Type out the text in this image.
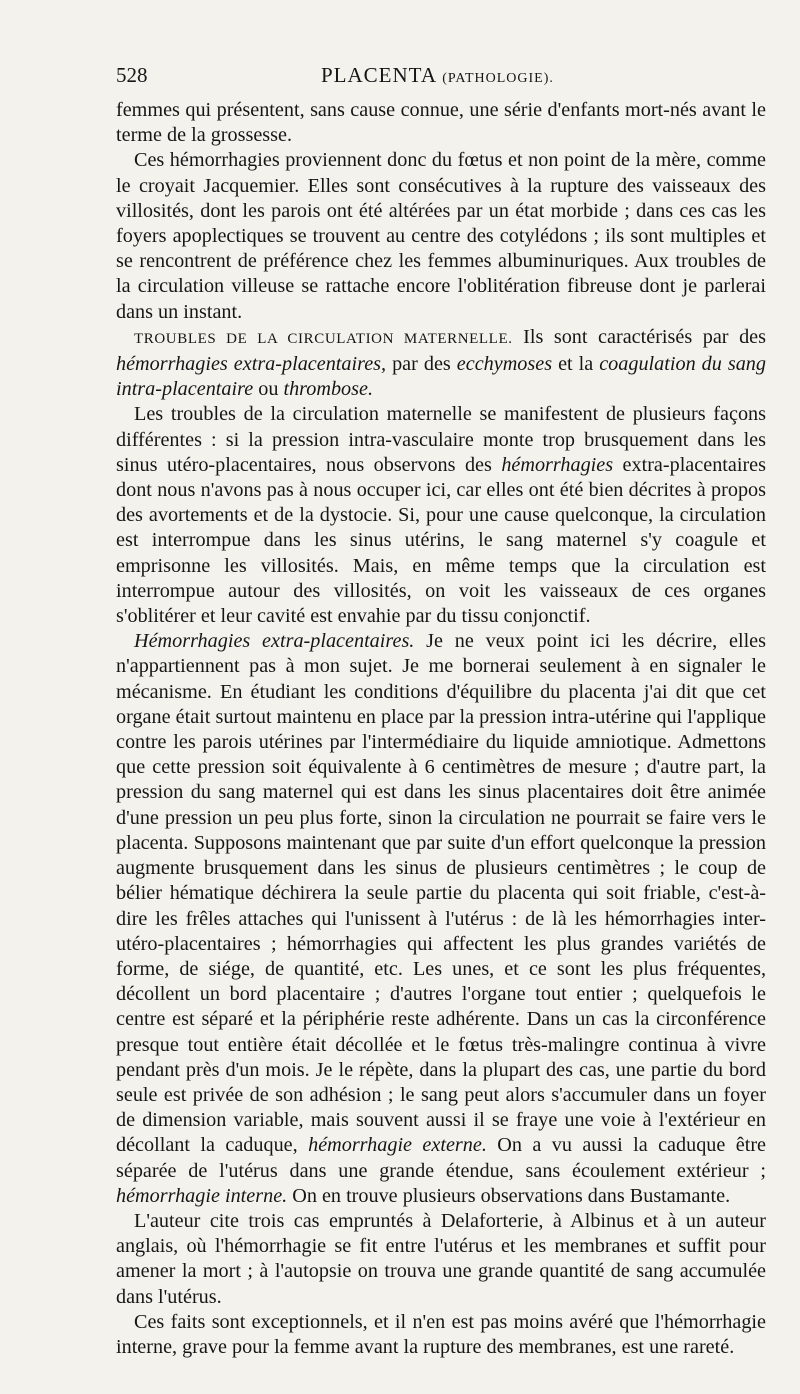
528	PLACENTA
(PATHOLOGIE).

femmes qui présentent, sans cause connue, une série d'enfants mort-nés avant le terme de la grossesse.

Ces hémorrhagies proviennent donc du fœtus et non point de la mère, comme le croyait Jacquemier. Elles sont consécutives à la rupture des vaisseaux des villosités, dont les parois ont été altérées par un état morbide ; dans ces cas les foyers apoplectiques se trouvent au centre des cotylédons ; ils sont multiples et se rencontrent de préférence chez les femmes albuminuriques. Aux troubles de la circulation villeuse se rattache encore l'oblitération fibreuse dont je parlerai dans un instant.

TROUBLES DE LA CIRCULATION MATERNELLE. Ils sont caractérisés par des hémorrhagies extra-placentaires, par des ecchymoses et la coagulation du sang intra-placentaire ou thrombose.

Les troubles de la circulation maternelle se manifestent de plusieurs façons différentes : si la pression intra-vasculaire monte trop brusquement dans les sinus utéro-placentaires, nous observons des hémorrhagies extra-placentaires dont nous n'avons pas à nous occuper ici, car elles ont été bien décrites à propos des avortements et de la dystocie. Si, pour une cause quelconque, la circulation est interrompue dans les sinus utérins, le sang maternel s'y coagule et emprisonne les villosités. Mais, en même temps que la circulation est interrompue autour des villosités, on voit les vaisseaux de ces organes s'oblitérer et leur cavité est envahie par du tissu conjonctif.

Hémorrhagies extra-placentaires. Je ne veux point ici les décrire, elles n'appartiennent pas à mon sujet. Je me bornerai seulement à en signaler le mécanisme. En étudiant les conditions d'équilibre du placenta j'ai dit que cet organe était surtout maintenu en place par la pression intra-utérine qui l'applique contre les parois utérines par l'intermédiaire du liquide amniotique. Admettons que cette pression soit équivalente à 6 centimètres de mesure ; d'autre part, la pression du sang maternel qui est dans les sinus placentaires doit être animée d'une pression un peu plus forte, sinon la circulation ne pourrait se faire vers le placenta. Supposons maintenant que par suite d'un effort quelconque la pression augmente brusquement dans les sinus de plusieurs centimètres ; le coup de bélier hématique déchirera la seule partie du placenta qui soit friable, c'est-à-dire les frêles attaches qui l'unissent à l'utérus : de là les hémorrhagies inter-utéro-placentaires ; hémorrhagies qui affectent les plus grandes variétés de forme, de siége, de quantité, etc. Les unes, et ce sont les plus fréquentes, décollent un bord placentaire ; d'autres l'organe tout entier ; quelquefois le centre est séparé et la périphérie reste adhérente. Dans un cas la circonférence presque tout entière était décollée et le fœtus très-malingre continua à vivre pendant près d'un mois. Je le répète, dans la plupart des cas, une partie du bord seule est privée de son adhésion ; le sang peut alors s'accumuler dans un foyer de dimension variable, mais souvent aussi il se fraye une voie à l'extérieur en décollant la caduque, hémorrhagie externe. On a vu aussi la caduque être séparée de l'utérus dans une grande étendue, sans écoulement extérieur ; hémorrhagie interne. On en trouve plusieurs observations dans Bustamante.

L'auteur cite trois cas empruntés à Delaforterie, à Albinus et à un auteur anglais, où l'hémorrhagie se fit entre l'utérus et les membranes et suffit pour amener la mort ; à l'autopsie on trouva une grande quantité de sang accumulée dans l'utérus.

Ces faits sont exceptionnels, et il n'en est pas moins avéré que l'hémorrhagie interne, grave pour la femme avant la rupture des membranes, est une rareté.
